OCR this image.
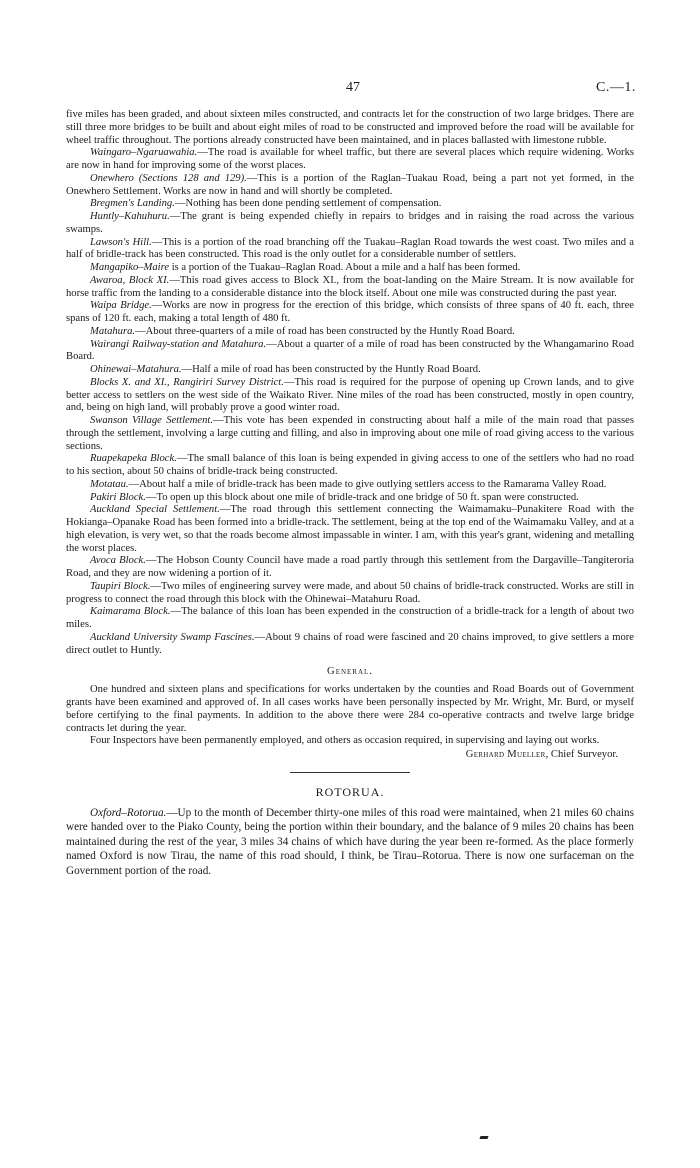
47	C.—1.

five miles has been graded, and about sixteen miles constructed, and contracts let for the construction of two large bridges. There are still three more bridges to be built and about eight miles of road to be constructed and improved before the road will be available for wheel traffic throughout. The portions already constructed have been maintained, and in places ballasted with limestone rubble.

Waingaro–Ngaruawahia.—The road is available for wheel traffic, but there are several places which require widening. Works are now in hand for improving some of the worst places.

Onewhero (Sections 128 and 129).—This is a portion of the Raglan–Tuakau Road, being a part not yet formed, in the Onewhero Settlement. Works are now in hand and will shortly be completed.

Bregmen's Landing.—Nothing has been done pending settlement of compensation.

Huntly–Kahuhuru.—The grant is being expended chiefly in repairs to bridges and in raising the road across the various swamps.

Lawson's Hill.—This is a portion of the road branching off the Tuakau–Raglan Road towards the west coast. Two miles and a half of bridle-track has been constructed. This road is the only outlet for a considerable number of settlers.

Mangapiko–Maire is a portion of the Tuakau–Raglan Road. About a mile and a half has been formed.

Awaroa, Block XI.—This road gives access to Block XI., from the boat-landing on the Maire Stream. It is now available for horse traffic from the landing to a considerable distance into the block itself. About one mile was constructed during the past year.

Waipa Bridge.—Works are now in progress for the erection of this bridge, which consists of three spans of 40 ft. each, three spans of 120 ft. each, making a total length of 480 ft.

Matahura.—About three-quarters of a mile of road has been constructed by the Huntly Road Board.

Wairangi Railway-station and Matahura.—About a quarter of a mile of road has been constructed by the Whangamarino Road Board.

Ohinewai–Matahura.—Half a mile of road has been constructed by the Huntly Road Board.

Blocks X. and XI., Rangiriri Survey District.—This road is required for the purpose of opening up Crown lands, and to give better access to settlers on the west side of the Waikato River. Nine miles of the road has been constructed, mostly in open country, and, being on high land, will probably prove a good winter road.

Swanson Village Settlement.—This vote has been expended in constructing about half a mile of the main road that passes through the settlement, involving a large cutting and filling, and also in improving about one mile of road giving access to the various sections.

Ruapekapeka Block.—The small balance of this loan is being expended in giving access to one of the settlers who had no road to his section, about 50 chains of bridle-track being constructed.

Motatau.—About half a mile of bridle-track has been made to give outlying settlers access to the Ramarama Valley Road.

Pakiri Block.—To open up this block about one mile of bridle-track and one bridge of 50 ft. span were constructed.

Auckland Special Settlement.—The road through this settlement connecting the Waimamaku–Punakitere Road with the Hokianga–Opanake Road has been formed into a bridle-track. The settlement, being at the top end of the Waimamaku Valley, and at a high elevation, is very wet, so that the roads become almost impassable in winter. I am, with this year's grant, widening and metalling the worst places.

Avoca Block.—The Hobson County Council have made a road partly through this settlement from the Dargaville–Tangiteroria Road, and they are now widening a portion of it.

Taupiri Block.—Two miles of engineering survey were made, and about 50 chains of bridle-track constructed. Works are still in progress to connect the road through this block with the Ohinewai–Matahuru Road.

Kaimarama Block.—The balance of this loan has been expended in the construction of a bridle-track for a length of about two miles.

Auckland University Swamp Fascines.—About 9 chains of road were fascined and 20 chains improved, to give settlers a more direct outlet to Huntly.

General.

One hundred and sixteen plans and specifications for works undertaken by the counties and Road Boards out of Government grants have been examined and approved of. In all cases works have been personally inspected by Mr. Wright, Mr. Burd, or myself before certifying to the final payments. In addition to the above there were 284 co-operative contracts and twelve large bridge contracts let during the year.

Four Inspectors have been permanently employed, and others as occasion required, in supervising and laying out works.

Gerhard Mueller, Chief Surveyor.

ROTORUA.

Oxford–Rotorua.—Up to the month of December thirty-one miles of this road were maintained, when 21 miles 60 chains were handed over to the Piako County, being the portion within their boundary, and the balance of 9 miles 20 chains has been maintained during the rest of the year, 3 miles 34 chains of which have during the year been re-formed. As the place formerly named Oxford is now Tirau, the name of this road should, I think, be Tirau–Rotorua. There is now one surfaceman on the Government portion of the road.
